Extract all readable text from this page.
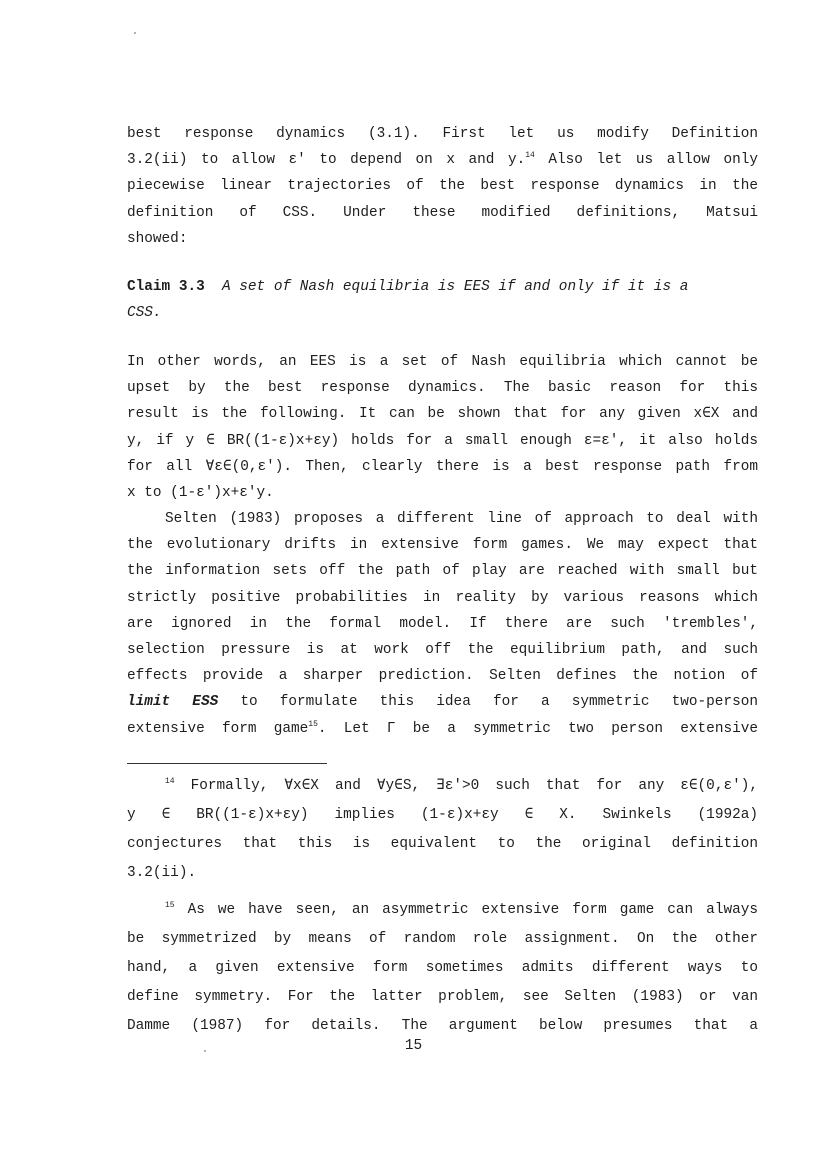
best response dynamics (3.1). First let us modify Definition
3.2(ii) to allow ε' to depend on x and y.$^{14}$ Also let us allow only
piecewise linear trajectories of the best response dynamics in the
definition of CSS. Under these modified definitions, Matsui
showed:
Claim 3.3 A set of Nash equilibria is EES if and only if it is a
CSS.
In other words, an EES is a set of Nash equilibria which cannot be
upset by the best response dynamics. The basic reason for this
result is the following. It can be shown that for any given x∈X and
y, if y ∈ BR((1-ε)x+εy) holds for a small enough ε=ε', it also holds
for all ∀ε∈(0,ε'). Then, clearly there is a best response path from
x to (1-ε')x+ε'y.
Selten (1983) proposes a different line of approach to deal with
the evolutionary drifts in extensive form games. We may expect that
the information sets off the path of play are reached with small but
strictly positive probabilities in reality by various reasons which
are ignored in the formal model. If there are such 'trembles',
selection pressure is at work off the equilibrium path, and such
effects provide a sharper prediction. Selten defines the notion of
limit ESS to formulate this idea for a symmetric two-person
extensive form game$^{15}$. Let Γ be a symmetric two person extensive
$^{14}$ Formally, ∀x∈X and ∀y∈S, ∃ε'>0 such that for any ε∈(0,ε'),
y ∈ BR((1-ε)x+εy) implies (1-ε)x+εy ∈ X. Swinkels (1992a)
conjectures that this is equivalent to the original definition
3.2(ii).
$^{15}$ As we have seen, an asymmetric extensive form game can always
be symmetrized by means of random role assignment. On the other
hand, a given extensive form sometimes admits different ways to
define symmetry. For the latter problem, see Selten (1983) or van
Damme (1987) for details. The argument below presumes that a
15
